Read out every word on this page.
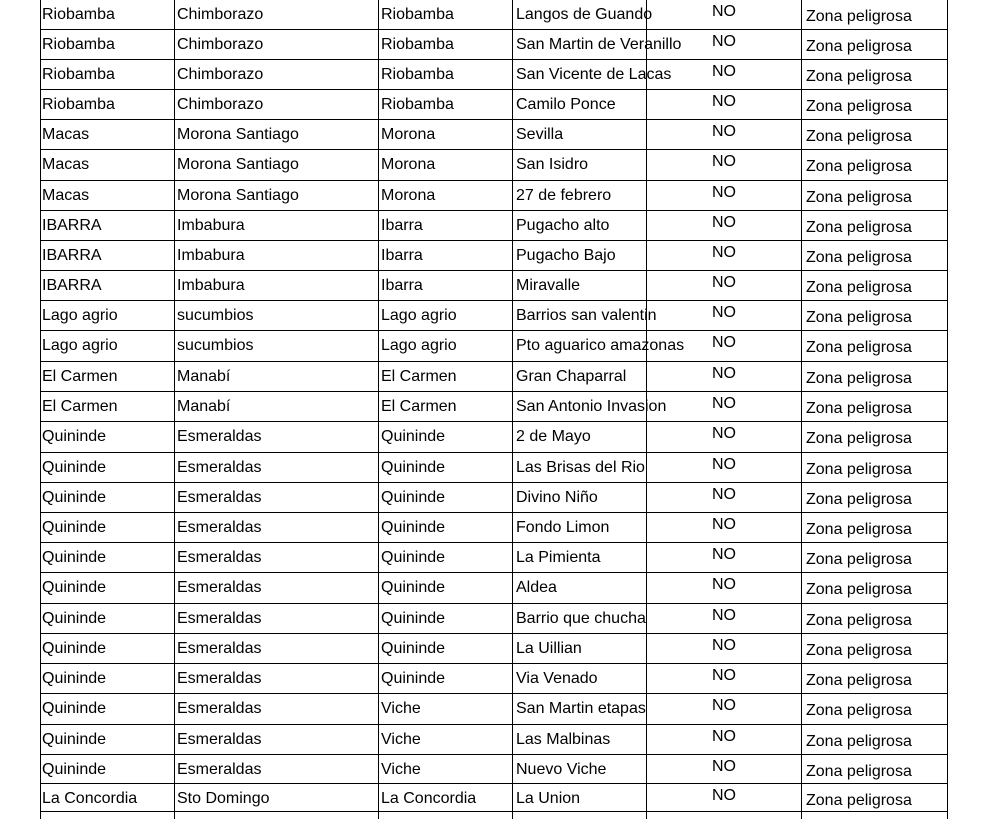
Riobamba	Chimborazo	Riobamba	Langos de Guando	NO	Zona peligrosa
Riobamba	Chimborazo	Riobamba	San Martin de Veranillo	NO	Zona peligrosa
Riobamba	Chimborazo	Riobamba	San Vicente de Lacas	NO	Zona peligrosa
Riobamba	Chimborazo	Riobamba	Camilo Ponce	NO	Zona peligrosa
Macas	Morona Santiago	Morona	Sevilla	NO	Zona peligrosa
Macas	Morona Santiago	Morona	San Isidro	NO	Zona peligrosa
Macas	Morona Santiago	Morona	27 de febrero	NO	Zona peligrosa
IBARRA	Imbabura	Ibarra	Pugacho alto	NO	Zona peligrosa
IBARRA	Imbabura	Ibarra	Pugacho Bajo	NO	Zona peligrosa
IBARRA	Imbabura	Ibarra	Miravalle	NO	Zona peligrosa
Lago agrio	sucumbios	Lago agrio	Barrios san valentin	NO	Zona peligrosa
Lago agrio	sucumbios	Lago agrio	Pto aguarico amazonas	NO	Zona peligrosa
El Carmen	Manabí	El Carmen	Gran Chaparral	NO	Zona peligrosa
El Carmen	Manabí	El Carmen	San Antonio Invasion	NO	Zona peligrosa
Quininde	Esmeraldas	Quininde	2 de Mayo	NO	Zona peligrosa
Quininde	Esmeraldas	Quininde	Las Brisas del Rio	NO	Zona peligrosa
Quininde	Esmeraldas	Quininde	Divino Niño	NO	Zona peligrosa
Quininde	Esmeraldas	Quininde	Fondo Limon	NO	Zona peligrosa
Quininde	Esmeraldas	Quininde	La Pimienta	NO	Zona peligrosa
Quininde	Esmeraldas	Quininde	Aldea	NO	Zona peligrosa
Quininde	Esmeraldas	Quininde	Barrio que chucha	NO	Zona peligrosa
Quininde	Esmeraldas	Quininde	La Uillian	NO	Zona peligrosa
Quininde	Esmeraldas	Quininde	Via Venado	NO	Zona peligrosa
Quininde	Esmeraldas	Viche	San Martin etapas	NO	Zona peligrosa
Quininde	Esmeraldas	Viche	Las Malbinas	NO	Zona peligrosa
Quininde	Esmeraldas	Viche	Nuevo Viche	NO	Zona peligrosa
La Concordia	Sto Domingo	La Concordia	La Union	NO	Zona peligrosa
